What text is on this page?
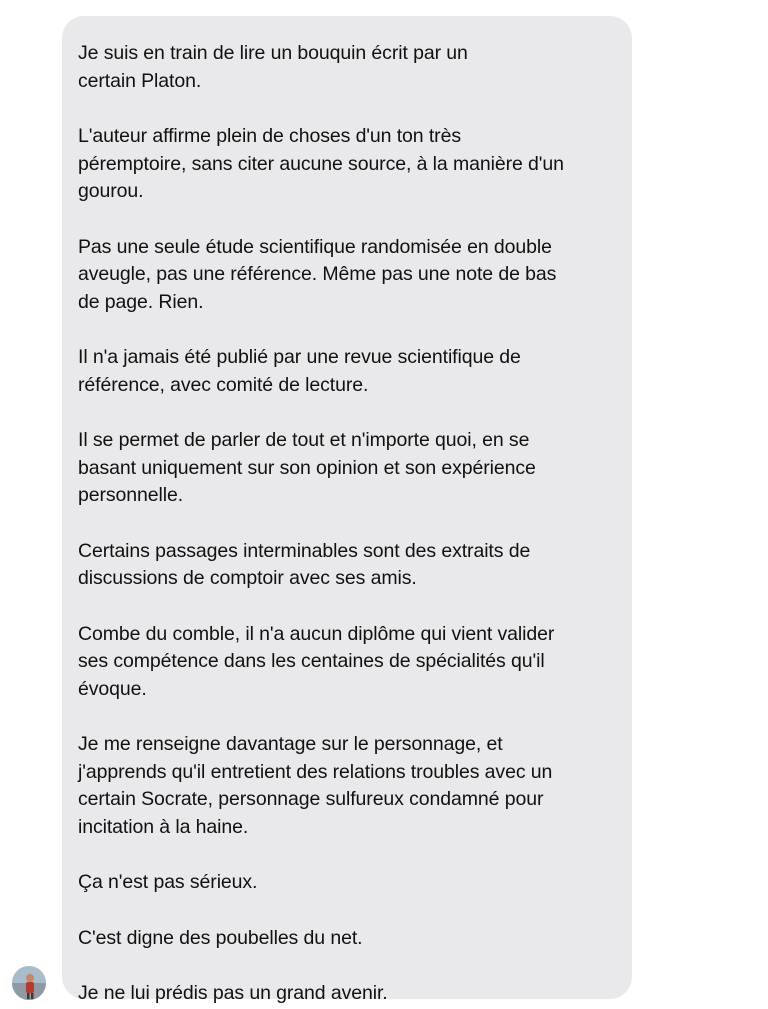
Je suis en train de lire un bouquin écrit par un
certain Platon.

L'auteur affirme plein de choses d'un ton très
péremptoire, sans citer aucune source, à la manière d'un
gourou.

Pas une seule étude scientifique randomisée en double
aveugle, pas une référence. Même pas une note de bas
de page. Rien.

Il n'a jamais été publié par une revue scientifique de
référence, avec comité de lecture.

Il se permet de parler de tout et n'importe quoi, en se
basant uniquement sur son opinion et son expérience
personnelle.

Certains passages interminables sont des extraits de
discussions de comptoir avec ses amis.

Combe du comble, il n'a aucun diplôme qui vient valider
ses compétence dans les centaines de spécialités qu'il
évoque.

Je me renseigne davantage sur le personnage, et
j'apprends qu'il entretient des relations troubles avec un
certain Socrate, personnage sulfureux condamné pour
incitation à la haine.

Ça n'est pas sérieux.

C'est digne des poubelles du net.

Je ne lui prédis pas un grand avenir.
